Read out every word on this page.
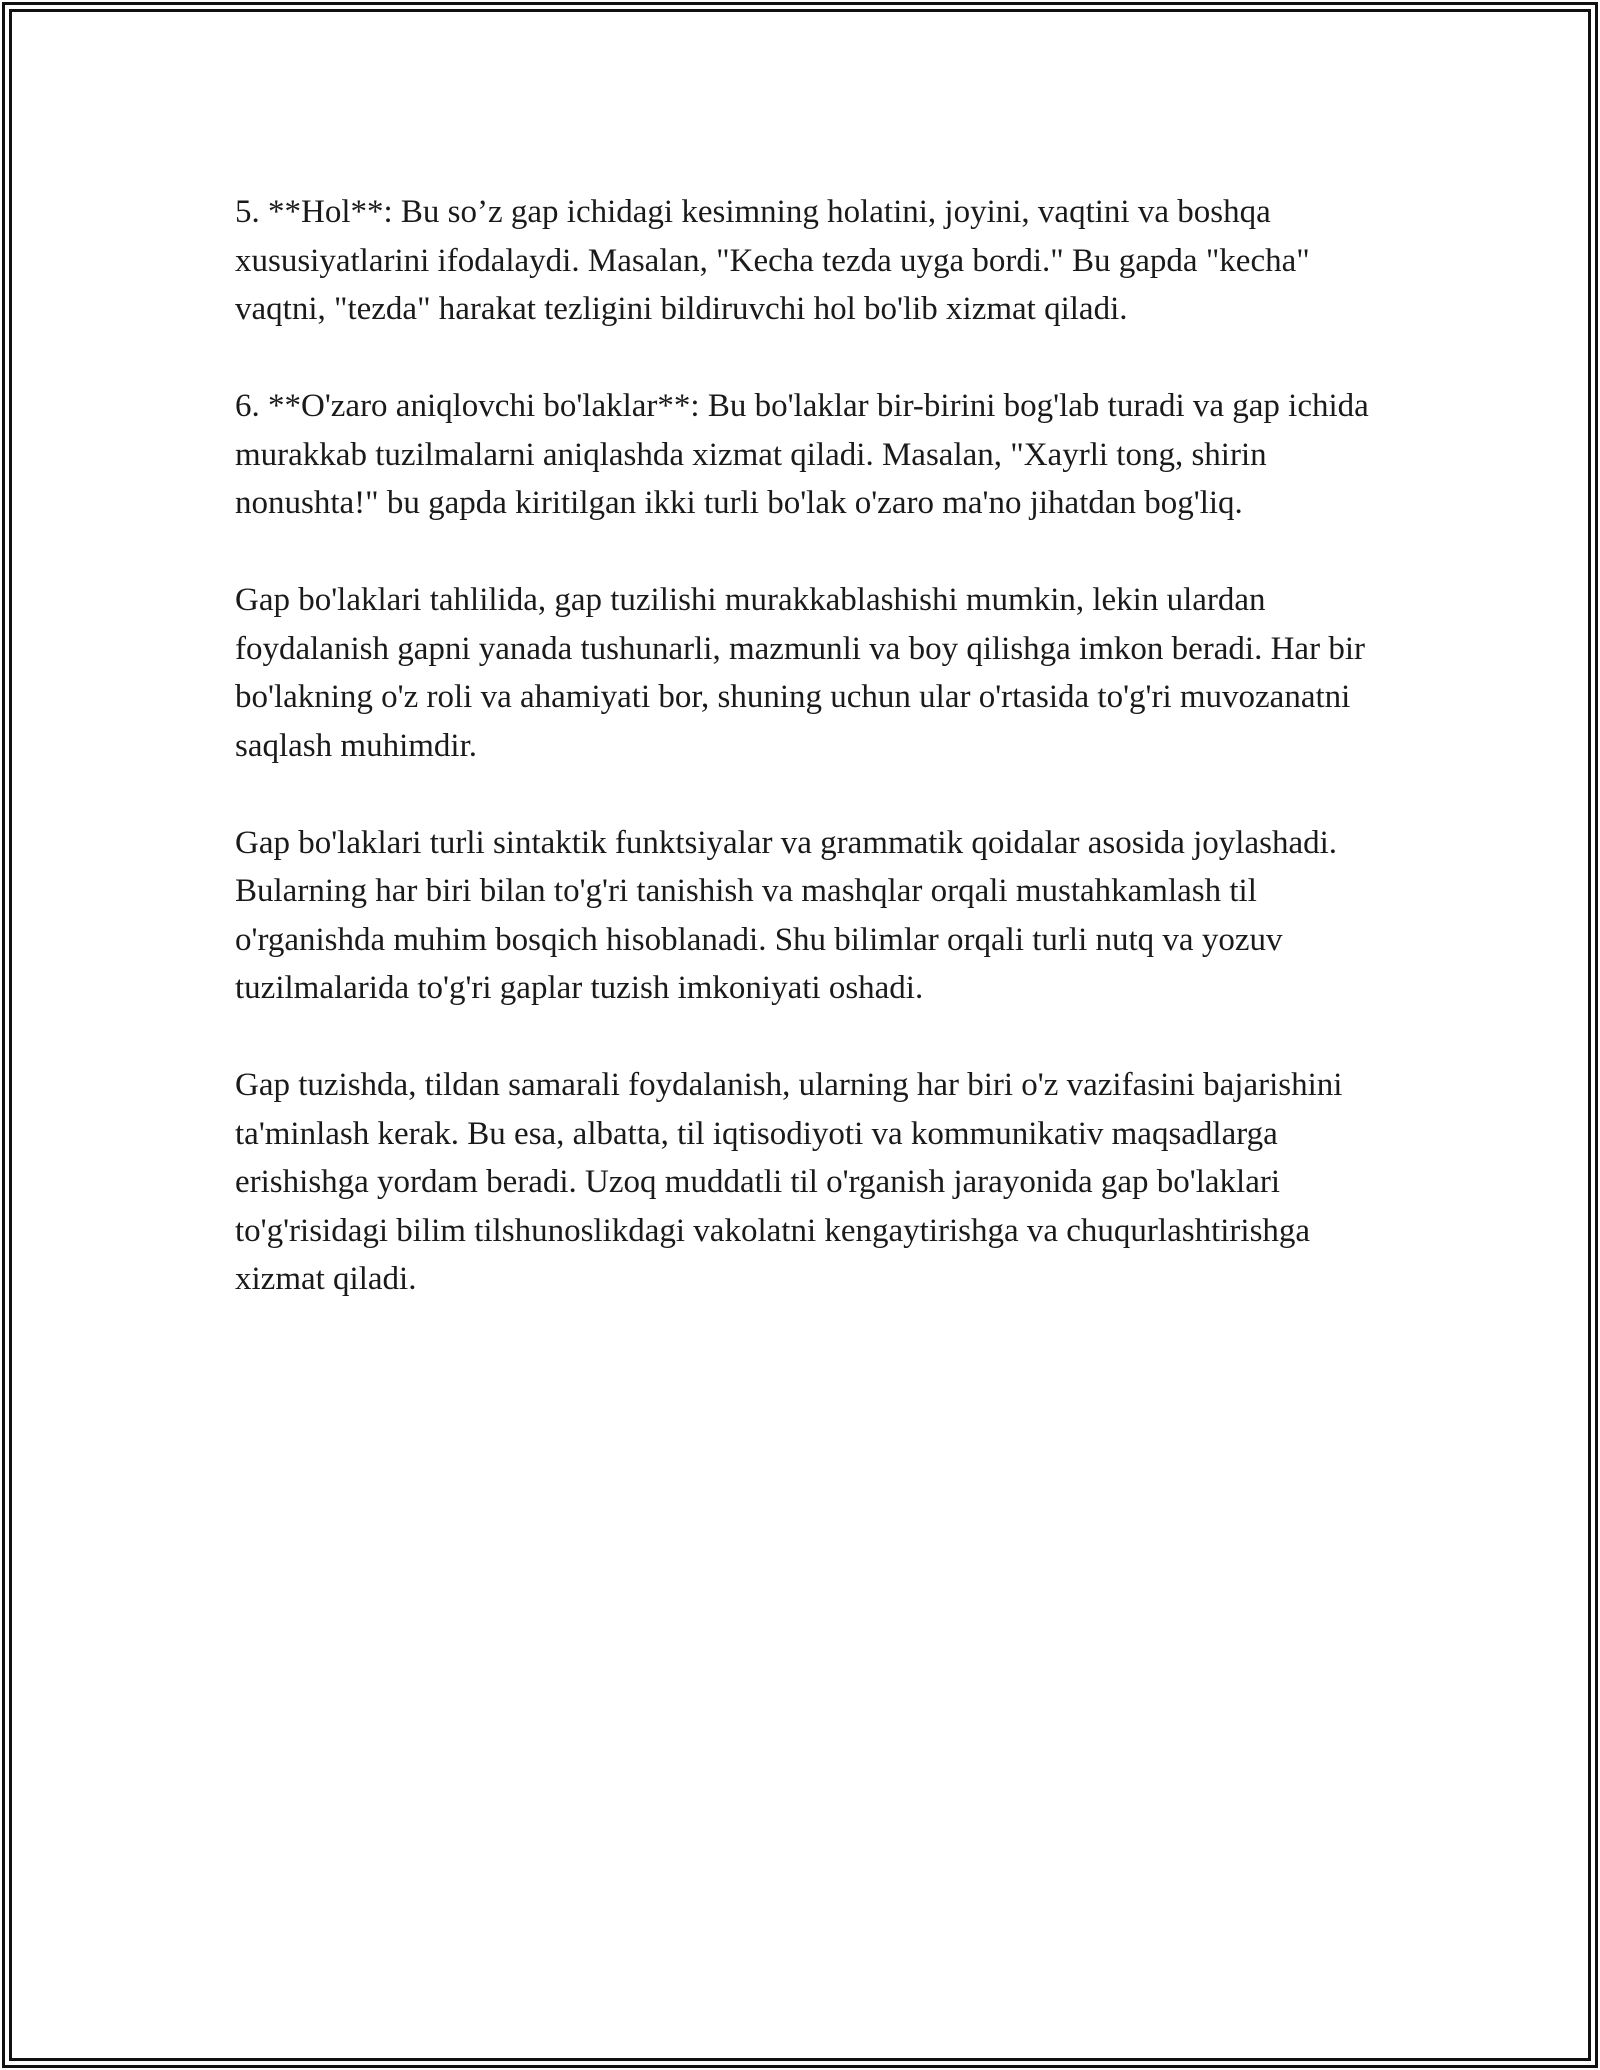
5. **Hol**: Bu so’z gap ichidagi kesimning holatini, joyini, vaqtini va boshqa xususiyatlarini ifodalaydi. Masalan, "Kecha tezda uyga bordi." Bu gapda "kecha" vaqtni, "tezda" harakat tezligini bildiruvchi hol bo'lib xizmat qiladi.

6. **O'zaro aniqlovchi bo'laklar**: Bu bo'laklar bir-birini bog'lab turadi va gap ichida murakkab tuzilmalarni aniqlashda xizmat qiladi. Masalan, "Xayrli tong, shirin nonushta!" bu gapda kiritilgan ikki turli bo'lak o'zaro ma'no jihatdan bog'liq.

Gap bo'laklari tahlilida, gap tuzilishi murakkablashishi mumkin, lekin ulardan foydalanish gapni yanada tushunarli, mazmunli va boy qilishga imkon beradi. Har bir bo'lakning o'z roli va ahamiyati bor, shuning uchun ular o'rtasida to'g'ri muvozanatni saqlash muhimdir.

Gap bo'laklari turli sintaktik funktsiyalar va grammatik qoidalar asosida joylashadi. Bularning har biri bilan to'g'ri tanishish va mashqlar orqali mustahkamlash til o'rganishda muhim bosqich hisoblanadi. Shu bilimlar orqali turli nutq va yozuv tuzilmalarida to'g'ri gaplar tuzish imkoniyati oshadi.

Gap tuzishda, tildan samarali foydalanish, ularning har biri o'z vazifasini bajarishini ta'minlash kerak. Bu esa, albatta, til iqtisodiyoti va kommunikativ maqsadlarga erishishga yordam beradi. Uzoq muddatli til o'rganish jarayonida gap bo'laklari to'g'risidagi bilim tilshunoslikdagi vakolatni kengaytirishga va chuqurlashtirishga xizmat qiladi.
